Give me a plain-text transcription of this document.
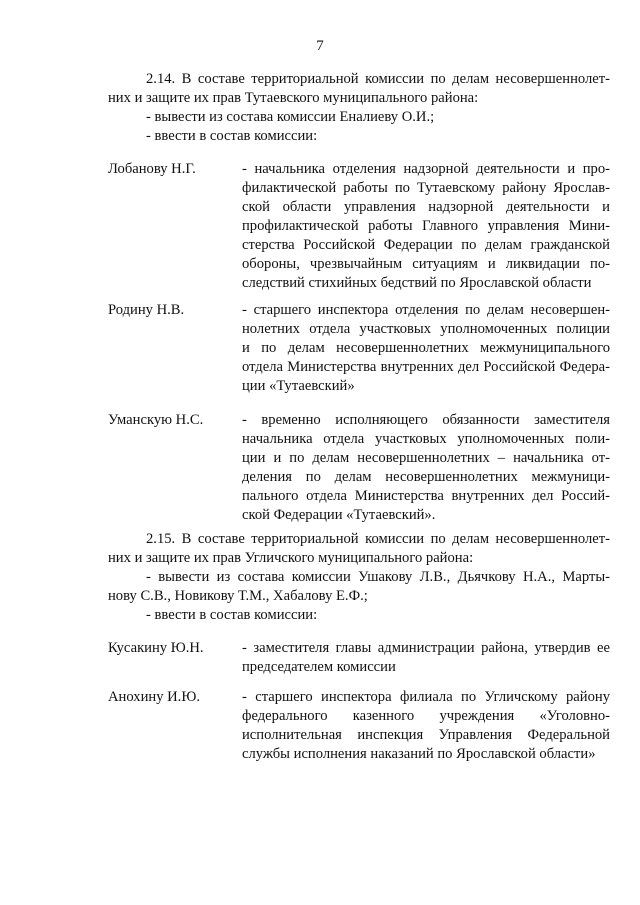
7
2.14. В составе территориальной комиссии по делам несовершеннолет-
них и защите их прав Тутаевского муниципального района:
- вывести из состава комиссии Еналиеву О.И.;
- ввести в состав комиссии:
Лобанову Н.Г.	- начальника отделения надзорной деятельности и про-
филактической работы по Тутаевскому району Ярослав-
ской области управления надзорной деятельности и
профилактической работы Главного управления Мини-
стерства Российской Федерации по делам гражданской
обороны, чрезвычайным ситуациям и ликвидации по-
следствий стихийных бедствий по Ярославской области
Родину Н.В.	- старшего инспектора отделения по делам несовершен-
нолетних отдела участковых уполномоченных полиции
и по делам несовершеннолетних межмуниципального
отдела Министерства внутренних дел Российской Федера-
ции «Тутаевский»
Уманскую Н.С.	- временно исполняющего обязанности заместителя
начальника отдела участковых уполномоченных поли-
ции и по делам несовершеннолетних – начальника от-
деления по делам несовершеннолетних межмуници-
пального отдела Министерства внутренних дел Россий-
ской Федерации «Тутаевский».
2.15. В составе территориальной комиссии по делам несовершеннолет-
них и защите их прав Угличского муниципального района:
- вывести из состава комиссии Ушакову Л.В., Дьячкову Н.А., Марты-
нову С.В., Новикову Т.М., Хабалову Е.Ф.;
- ввести в состав комиссии:
Кусакину Ю.Н.	- заместителя главы администрации района, утвердив ее
председателем комиссии
Анохину И.Ю.	- старшего инспектора филиала по Угличскому району
федерального казенного учреждения «Уголовно-
исполнительная инспекция Управления Федеральной
службы исполнения наказаний по Ярославской области»
